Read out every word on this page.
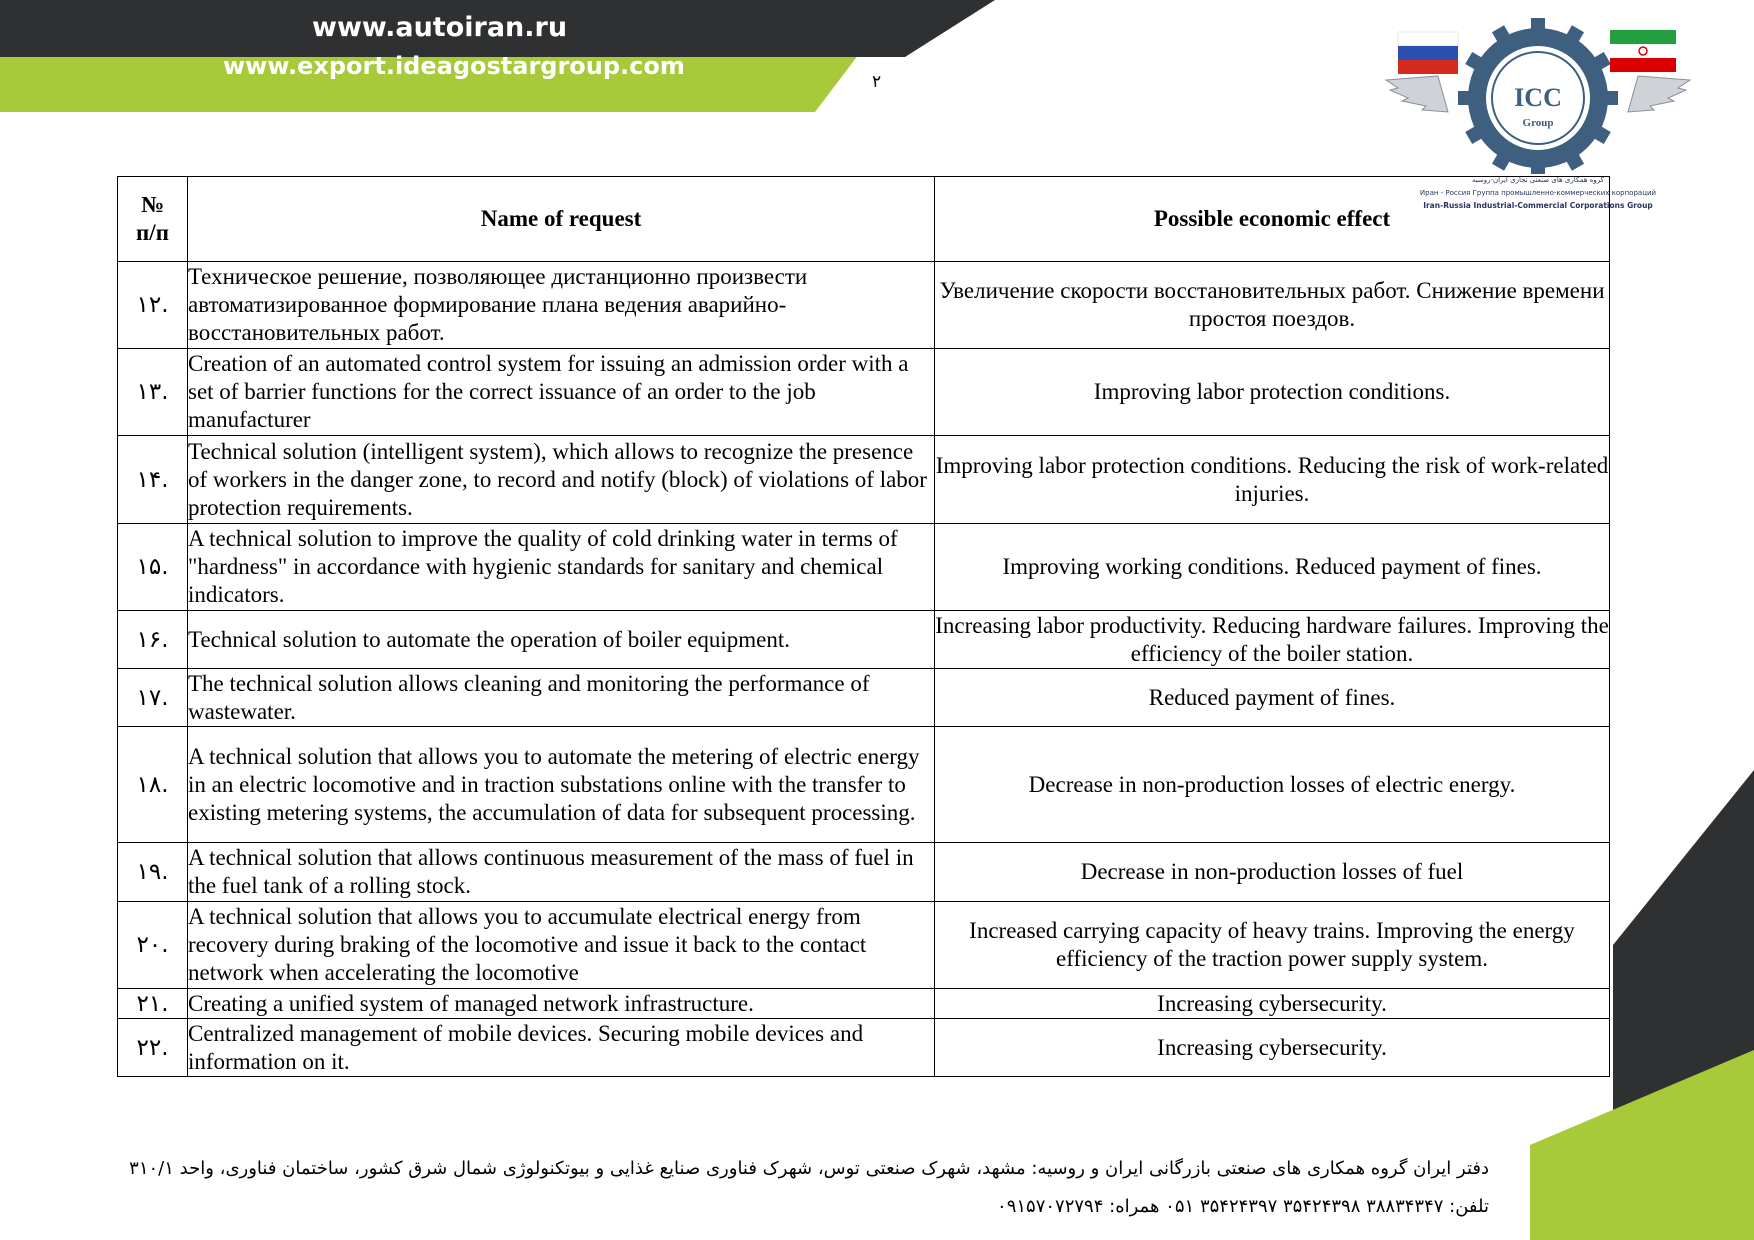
www.autoiran.ru
www.export.ideagostargroup.com
۲
ICC
Group
گروه همکاری های صنعتی تجاری ایران-روسیه
Иран - Россия Группа промышленно-коммерческих корпораций
Iran-Russia Industrial-Commercial Corporations Group
№
п/п	Name of request	Possible economic effect
۱۲.	Техническое решение, позволяющее дистанционно произвести автоматизированное формирование плана ведения аварийно-восстановительных работ.	Увеличение скорости восстановительных работ. Снижение времени простоя поездов.
۱۳.	Creation of an automated control system for issuing an admission order with a set of barrier functions for the correct issuance of an order to the job manufacturer	Improving labor protection conditions.
۱۴.	Technical solution (intelligent system), which allows to recognize the presence of workers in the danger zone, to record and notify (block) of violations of labor protection requirements.	Improving labor protection conditions. Reducing the risk of work-related injuries.
۱۵.	A technical solution to improve the quality of cold drinking water in terms of "hardness" in accordance with hygienic standards for sanitary and chemical indicators.	Improving working conditions. Reduced payment of fines.
۱۶.	Technical solution to automate the operation of boiler equipment.	Increasing labor productivity. Reducing hardware failures. Improving the efficiency of the boiler station.
۱۷.	The technical solution allows cleaning and monitoring the performance of wastewater.	Reduced payment of fines.
۱۸.	A technical solution that allows you to automate the metering of electric energy in an electric locomotive and in traction substations online with the transfer to existing metering systems, the accumulation of data for subsequent processing.	Decrease in non-production losses of electric energy.
۱۹.	A technical solution that allows continuous measurement of the mass of fuel in the fuel tank of a rolling stock.	Decrease in non-production losses of fuel
۲۰.	A technical solution that allows you to accumulate electrical energy from recovery during braking of the locomotive and issue it back to the contact network when accelerating the locomotive	Increased carrying capacity of heavy trains. Improving the energy efficiency of the traction power supply system.
۲۱.	Creating a unified system of managed network infrastructure.	Increasing cybersecurity.
۲۲.	Centralized management of mobile devices. Securing mobile devices and information on it.	Increasing cybersecurity.
دفتر ایران گروه همکاری های صنعتی بازرگانی ایران و روسیه: مشهد، شهرک صنعتی توس، شهرک فناوری صنایع غذایی و بیوتکنولوژی شمال شرق کشور، ساختمان فناوری، واحد ۳۱۰/۱
تلفن: ۳۸۸۳۴۳۴۷ ۳۵۴۲۴۳۹۸ ۳۵۴۲۴۳۹۷ ۰۵۱ همراه: ۰۹۱۵۷۰۷۲۷۹۴
